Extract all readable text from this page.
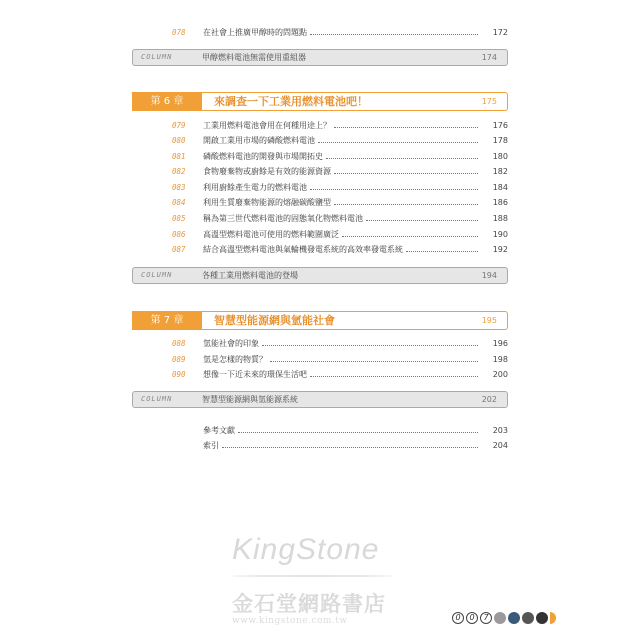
078	在社會上推廣甲醇時的問題點	172
COLUMN	甲醇燃料電池無需使用重組器	174
第 6 章	來調查一下工業用燃料電池吧！	175
079	工業用燃料電池會用在何種用途上？	176
080	開啟工業用市場的磷酸燃料電池	178
081	磷酸燃料電池的開發與市場開拓史	180
082	食物廢棄物或廚餘是有效的能源資源	182
083	利用廚餘產生電力的燃料電池	184
084	利用生質廢棄物能源的熔融碳酸鹽型	186
085	稱為第三世代燃料電池的固態氧化物燃料電池	188
086	高溫型燃料電池可使用的燃料範圍廣泛	190
087	結合高溫型燃料電池與氣輪機發電系統的高效率發電系統	192
COLUMN	各種工業用燃料電池的登場	194
第 7 章	智慧型能源網與氫能社會	195
088	氫能社會的印象	196
089	氫是怎樣的物質？	198
090	想像一下近未來的環保生活吧	200
COLUMN	智慧型能源網與氫能源系統	202
參考文獻	203
索引	204
KingStone
金石堂網路書店
www.kingstone.com.tw	0	0	7
